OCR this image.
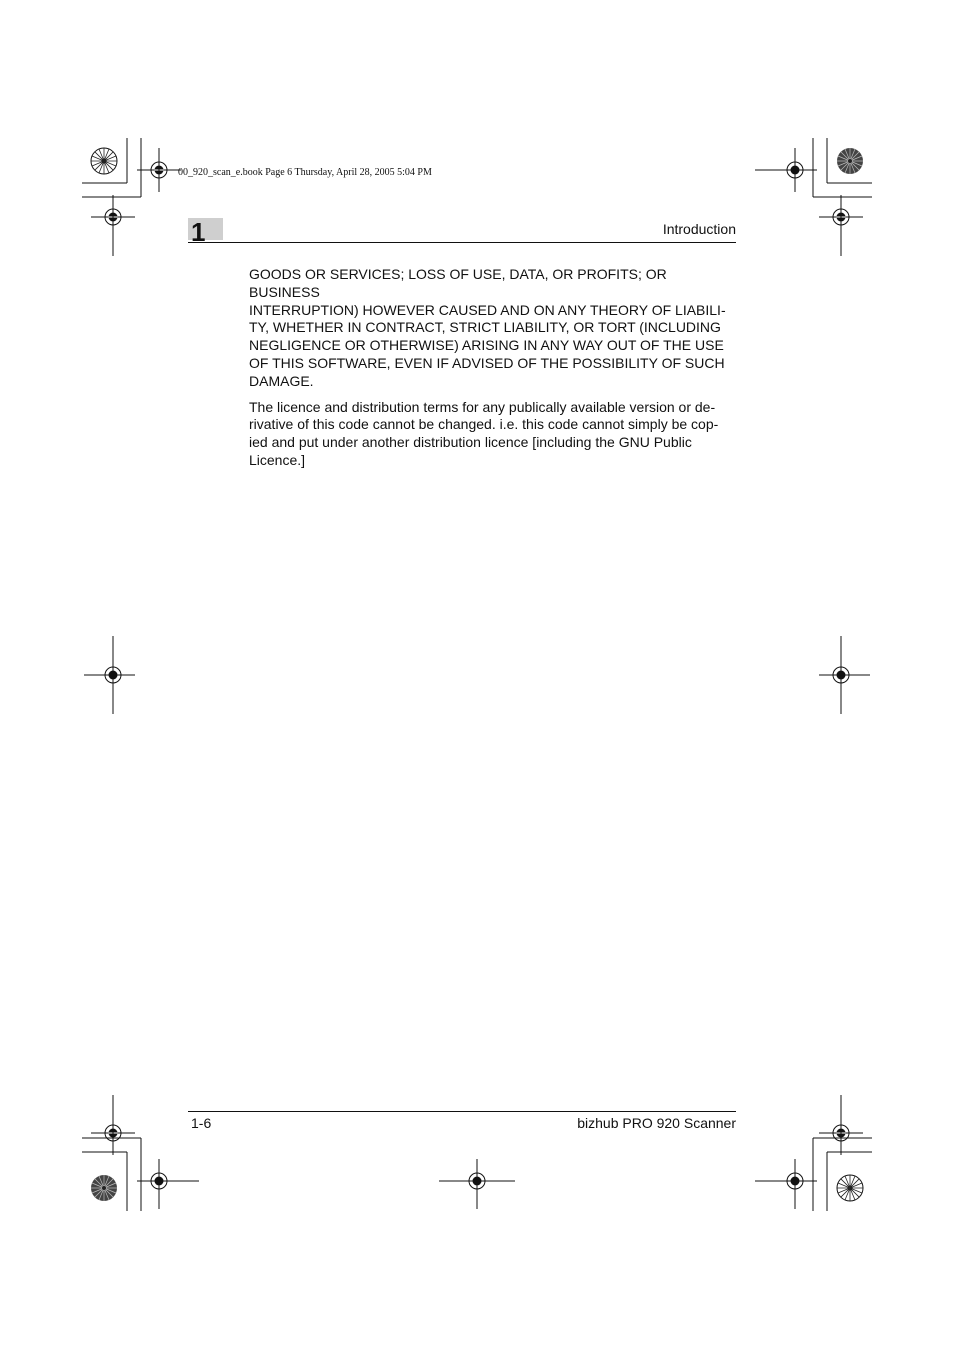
00_920_scan_e.book Page 6 Thursday, April 28, 2005 5:04 PM
1	Introduction

GOODS OR SERVICES; LOSS OF USE, DATA, OR PROFITS; OR BUSINESS
INTERRUPTION) HOWEVER CAUSED AND ON ANY THEORY OF LIABILI-
TY, WHETHER IN CONTRACT, STRICT LIABILITY, OR TORT (INCLUDING
NEGLIGENCE OR OTHERWISE) ARISING IN ANY WAY OUT OF THE USE
OF THIS SOFTWARE, EVEN IF ADVISED OF THE POSSIBILITY OF SUCH
DAMAGE.

The licence and distribution terms for any publically available version or de-
rivative of this code cannot be changed. i.e. this code cannot simply be cop-
ied and put under another distribution licence [including the GNU Public
Licence.]

1-6	bizhub PRO 920 Scanner
